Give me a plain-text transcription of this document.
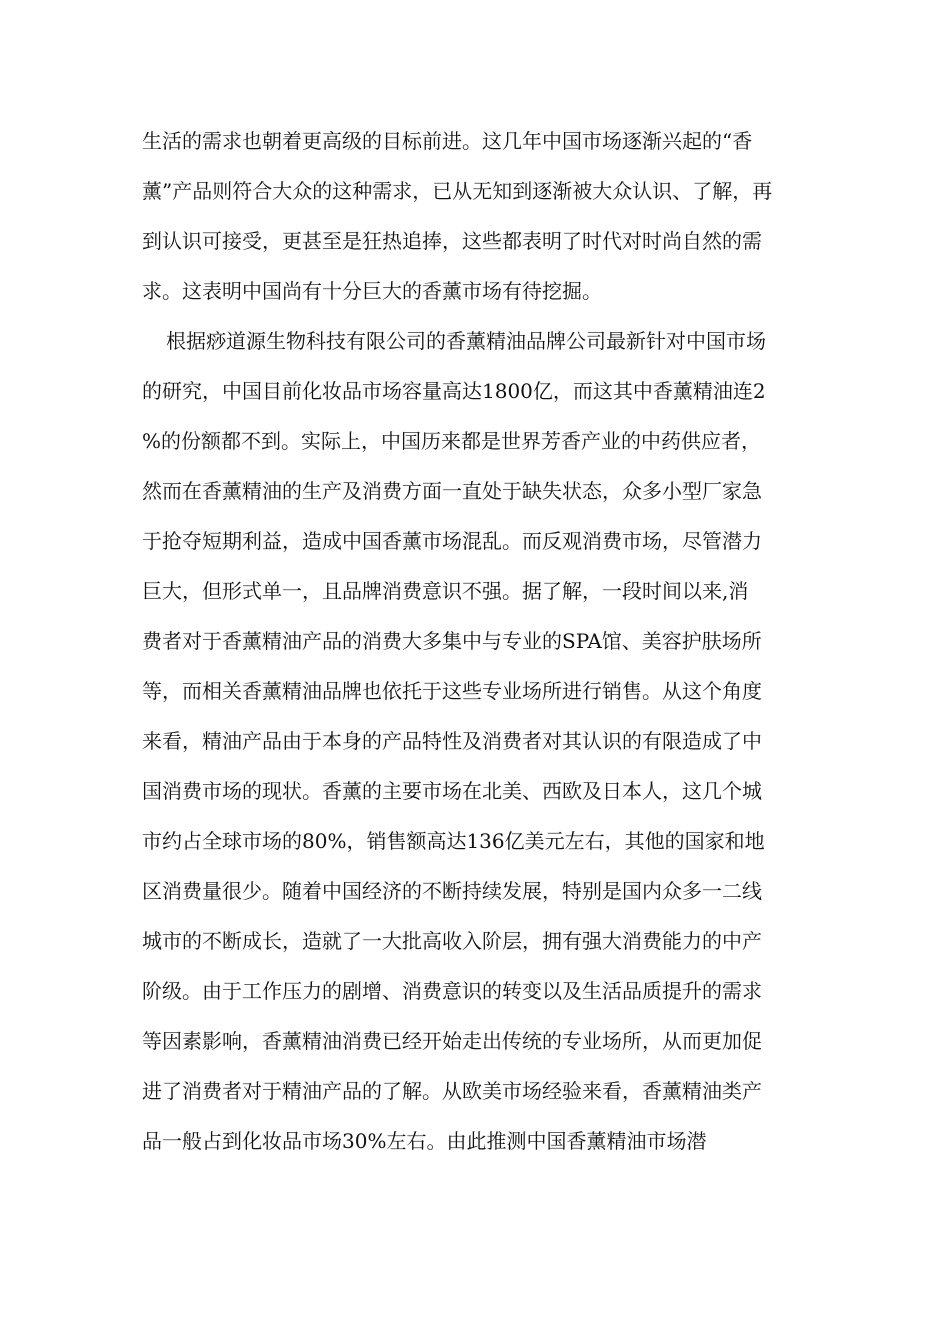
生活的需求也朝着更高级的目标前进。这几年中国市场逐渐兴起的“香
薰”产品则符合大众的这种需求，已从无知到逐渐被大众认识、了解，再
到认识可接受，更甚至是狂热追捧，这些都表明了时代对时尚自然的需
求。这表明中国尚有十分巨大的香薰市场有待挖掘。
根据痧道源生物科技有限公司的香薰精油品牌公司最新针对中国市场
的研究，中国目前化妆品市场容量高达1800亿，而这其中香薰精油连2
%的份额都不到。实际上，中国历来都是世界芳香产业的中药供应者，
然而在香薰精油的生产及消费方面一直处于缺失状态，众多小型厂家急
于抢夺短期利益，造成中国香薰市场混乱。而反观消费市场，尽管潜力
巨大，但形式单一，且品牌消费意识不强。据了解，一段时间以来,消
费者对于香薰精油产品的消费大多集中与专业的SPA馆、美容护肤场所
等，而相关香薰精油品牌也依托于这些专业场所进行销售。从这个角度
来看，精油产品由于本身的产品特性及消费者对其认识的有限造成了中
国消费市场的现状。香薰的主要市场在北美、西欧及日本人，这几个城
市约占全球市场的80%，销售额高达136亿美元左右，其他的国家和地
区消费量很少。随着中国经济的不断持续发展，特别是国内众多一二线
城市的不断成长，造就了一大批高收入阶层，拥有强大消费能力的中产
阶级。由于工作压力的剧增、消费意识的转变以及生活品质提升的需求
等因素影响，香薰精油消费已经开始走出传统的专业场所，从而更加促
进了消费者对于精油产品的了解。从欧美市场经验来看，香薰精油类产
品一般占到化妆品市场30%左右。由此推测中国香薰精油市场潜
